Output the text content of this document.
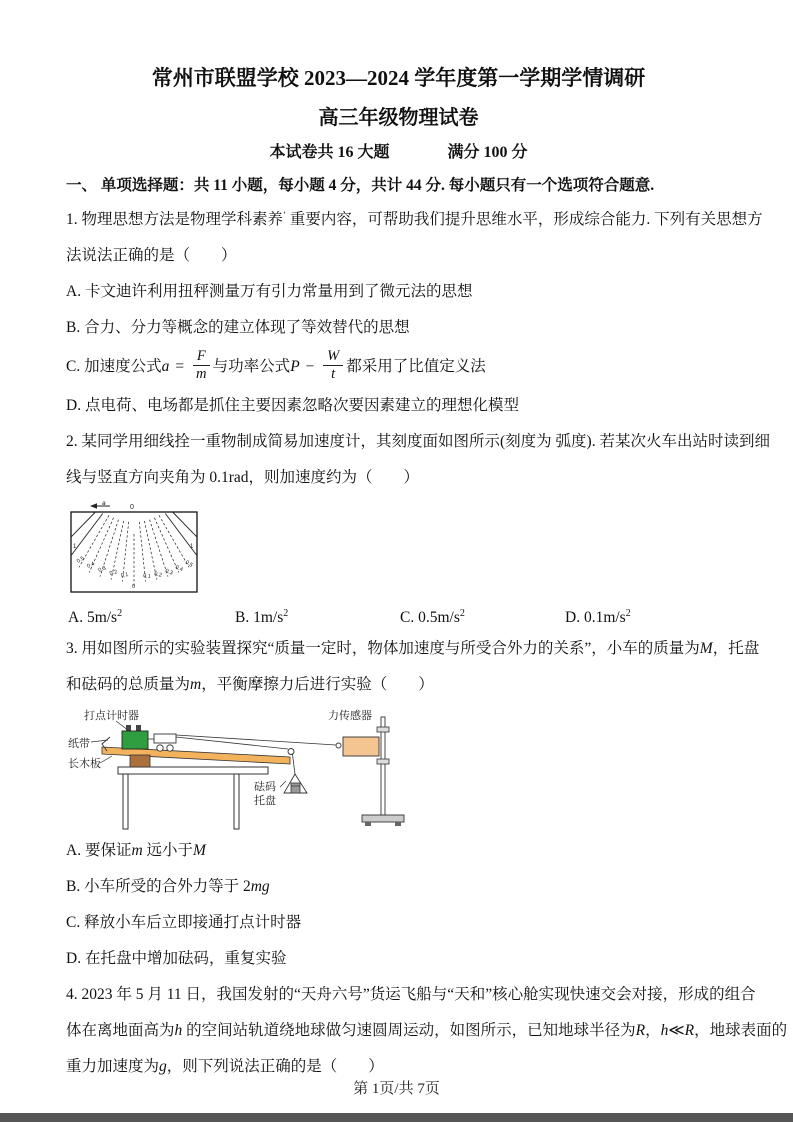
常州市联盟学校 2023—2024 学年度第一学期学情调研
高三年级物理试卷
本试卷共 16 大题	满分 100 分
一、 单项选择题：共 11 小题，每小题 4 分，共计 44 分. 每小题只有一个选项符合题意.
1. 物理思想方法是物理学科素养$^ʼ$ 重要内容，可帮助我们提升思维水平，形成综合能力. 下列有关思想方
法说法正确的是（　　）
A. 卡文迪许利用扭秤测量万有引力常量用到了微元法的思想
B. 合力、分力等概念的建立体现了等效替代的思想
C. 加速度公式 $a = \frac{F}{m}$ 与功率公式 $P - \frac{W}{t}$ 都采用了比值定义法
D. 点电荷、电场都是抓住主要因素忽略次要因素建立的理想化模型
2. 某同学用细线拴一重物制成简易加速度计，其刻度面如图所示(刻度为 弧度). 若某次火车出站时读到细
线与竖直方向夹角为 0.1rad，则加速度约为（　　）
a
0
0.5
0.4 0.3 0.2 0.1
0
0.1 0.2 0.3 0.4
0.5
1	1
A. $5m/s^2$	B. $1m/s^2$	C. $0.5m/s^2$	D. $0.1m/s^2$
3. 用如图所示的实验装置探究“质量一定时，物体加速度与所受合外力的关系”，小车的质量为M，托盘
和砝码的总质量为m，平衡摩擦力后进行实验（　　）
打点计时器
纸带
长木板
砝码
托盘
力传感器
A. 要保证m 远小于M
B. 小车所受的合外力等于 2mg
C. 释放小车后立即接通打点计时器
D. 在托盘中增加砝码，重复实验
4. 2023 年 5 月 11 日，我国发射的“天舟六号”货运飞船与“天和”核心舱实现快速交会对接，形成的组合
体在离地面高为h 的空间站轨道绕地球做匀速圆周运动，如图所示，已知地球半径为R，h≪R，地球表面的
重力加速度为g，则下列说法正确的是（　　）
第 1页/共 7页
